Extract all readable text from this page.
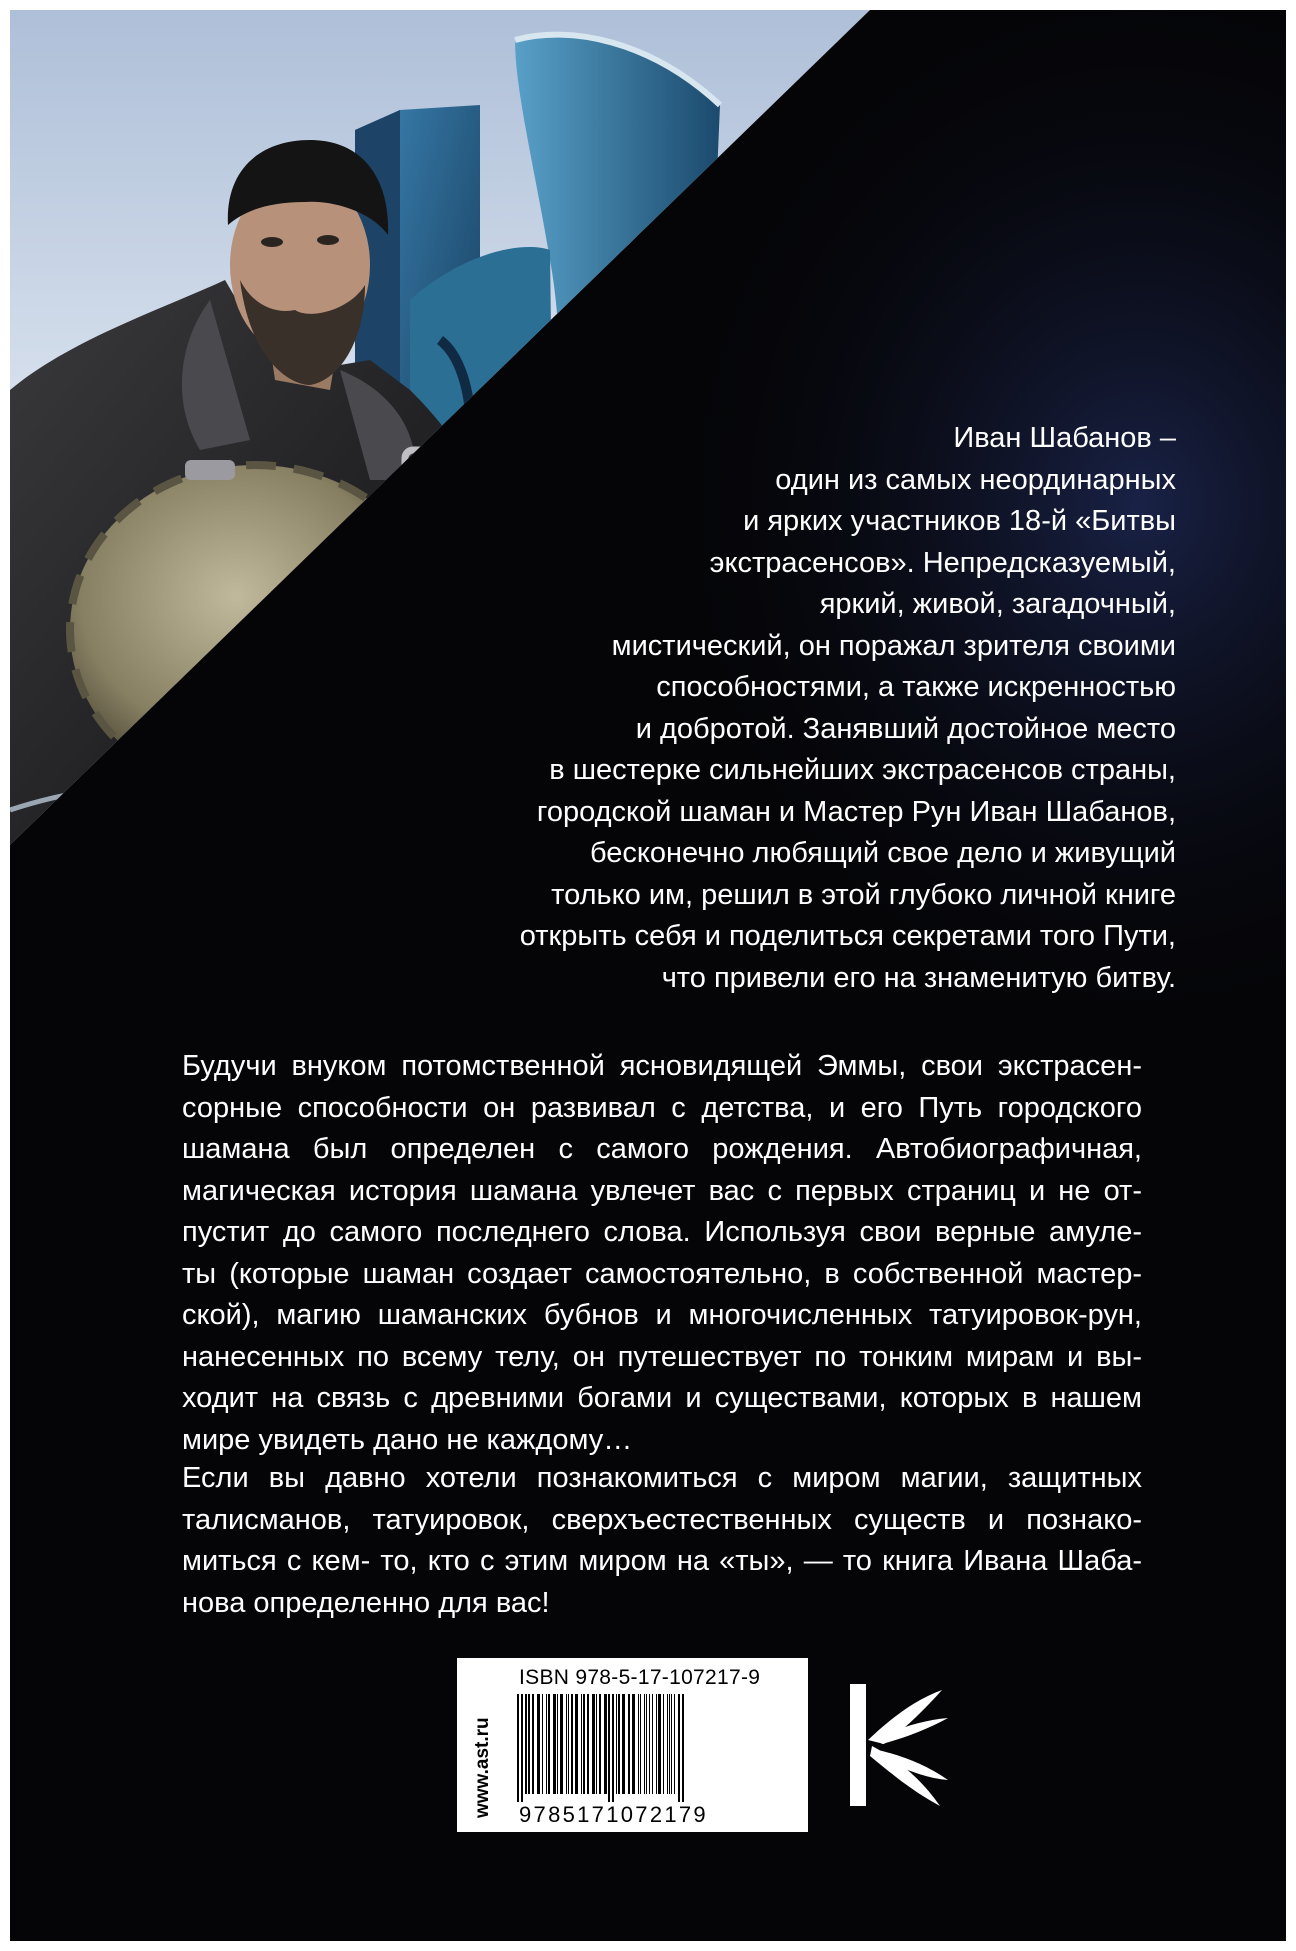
Иван Шабанов –
один из самых неординарных
и ярких участников 18-й «Битвы
экстрасенсов». Непредсказуемый,
яркий, живой, загадочный,
мистический, он поражал зрителя своими
способностями, а также искренностью
и добротой. Занявший достойное место
в шестерке сильнейших экстрасенсов страны,
городской шаман и Мастер Рун Иван Шабанов,
бесконечно любящий свое дело и живущий
только им, решил в этой глубоко личной книге
открыть себя и поделиться секретами того Пути,
что привели его на знаменитую битву.
Будучи внуком потомственной ясновидящей Эммы, свои экстрасен-
сорные способности он развивал с детства, и его Путь городского
шамана был определен с самого рождения. Автобиографичная,
магическая история шамана увлечет вас с первых страниц и не от-
пустит до самого последнего слова. Используя свои верные амуле-
ты (которые шаман создает самостоятельно, в собственной мастер-
ской), магию шаманских бубнов и многочисленных татуировок-рун,
нанесенных по всему телу, он путешествует по тонким мирам и вы-
ходит на связь с древними богами и существами, которых в нашем
мире увидеть дано не каждому…
Если вы давно хотели познакомиться с миром магии, защитных
талисманов, татуировок, сверхъестественных существ и познако-
миться с кем- то, кто с этим миром на «ты», — то книга Ивана Шаба-
нова определенно для вас!
www.ast.ru
ISBN 978-5-17-107217-9
9785171072179
